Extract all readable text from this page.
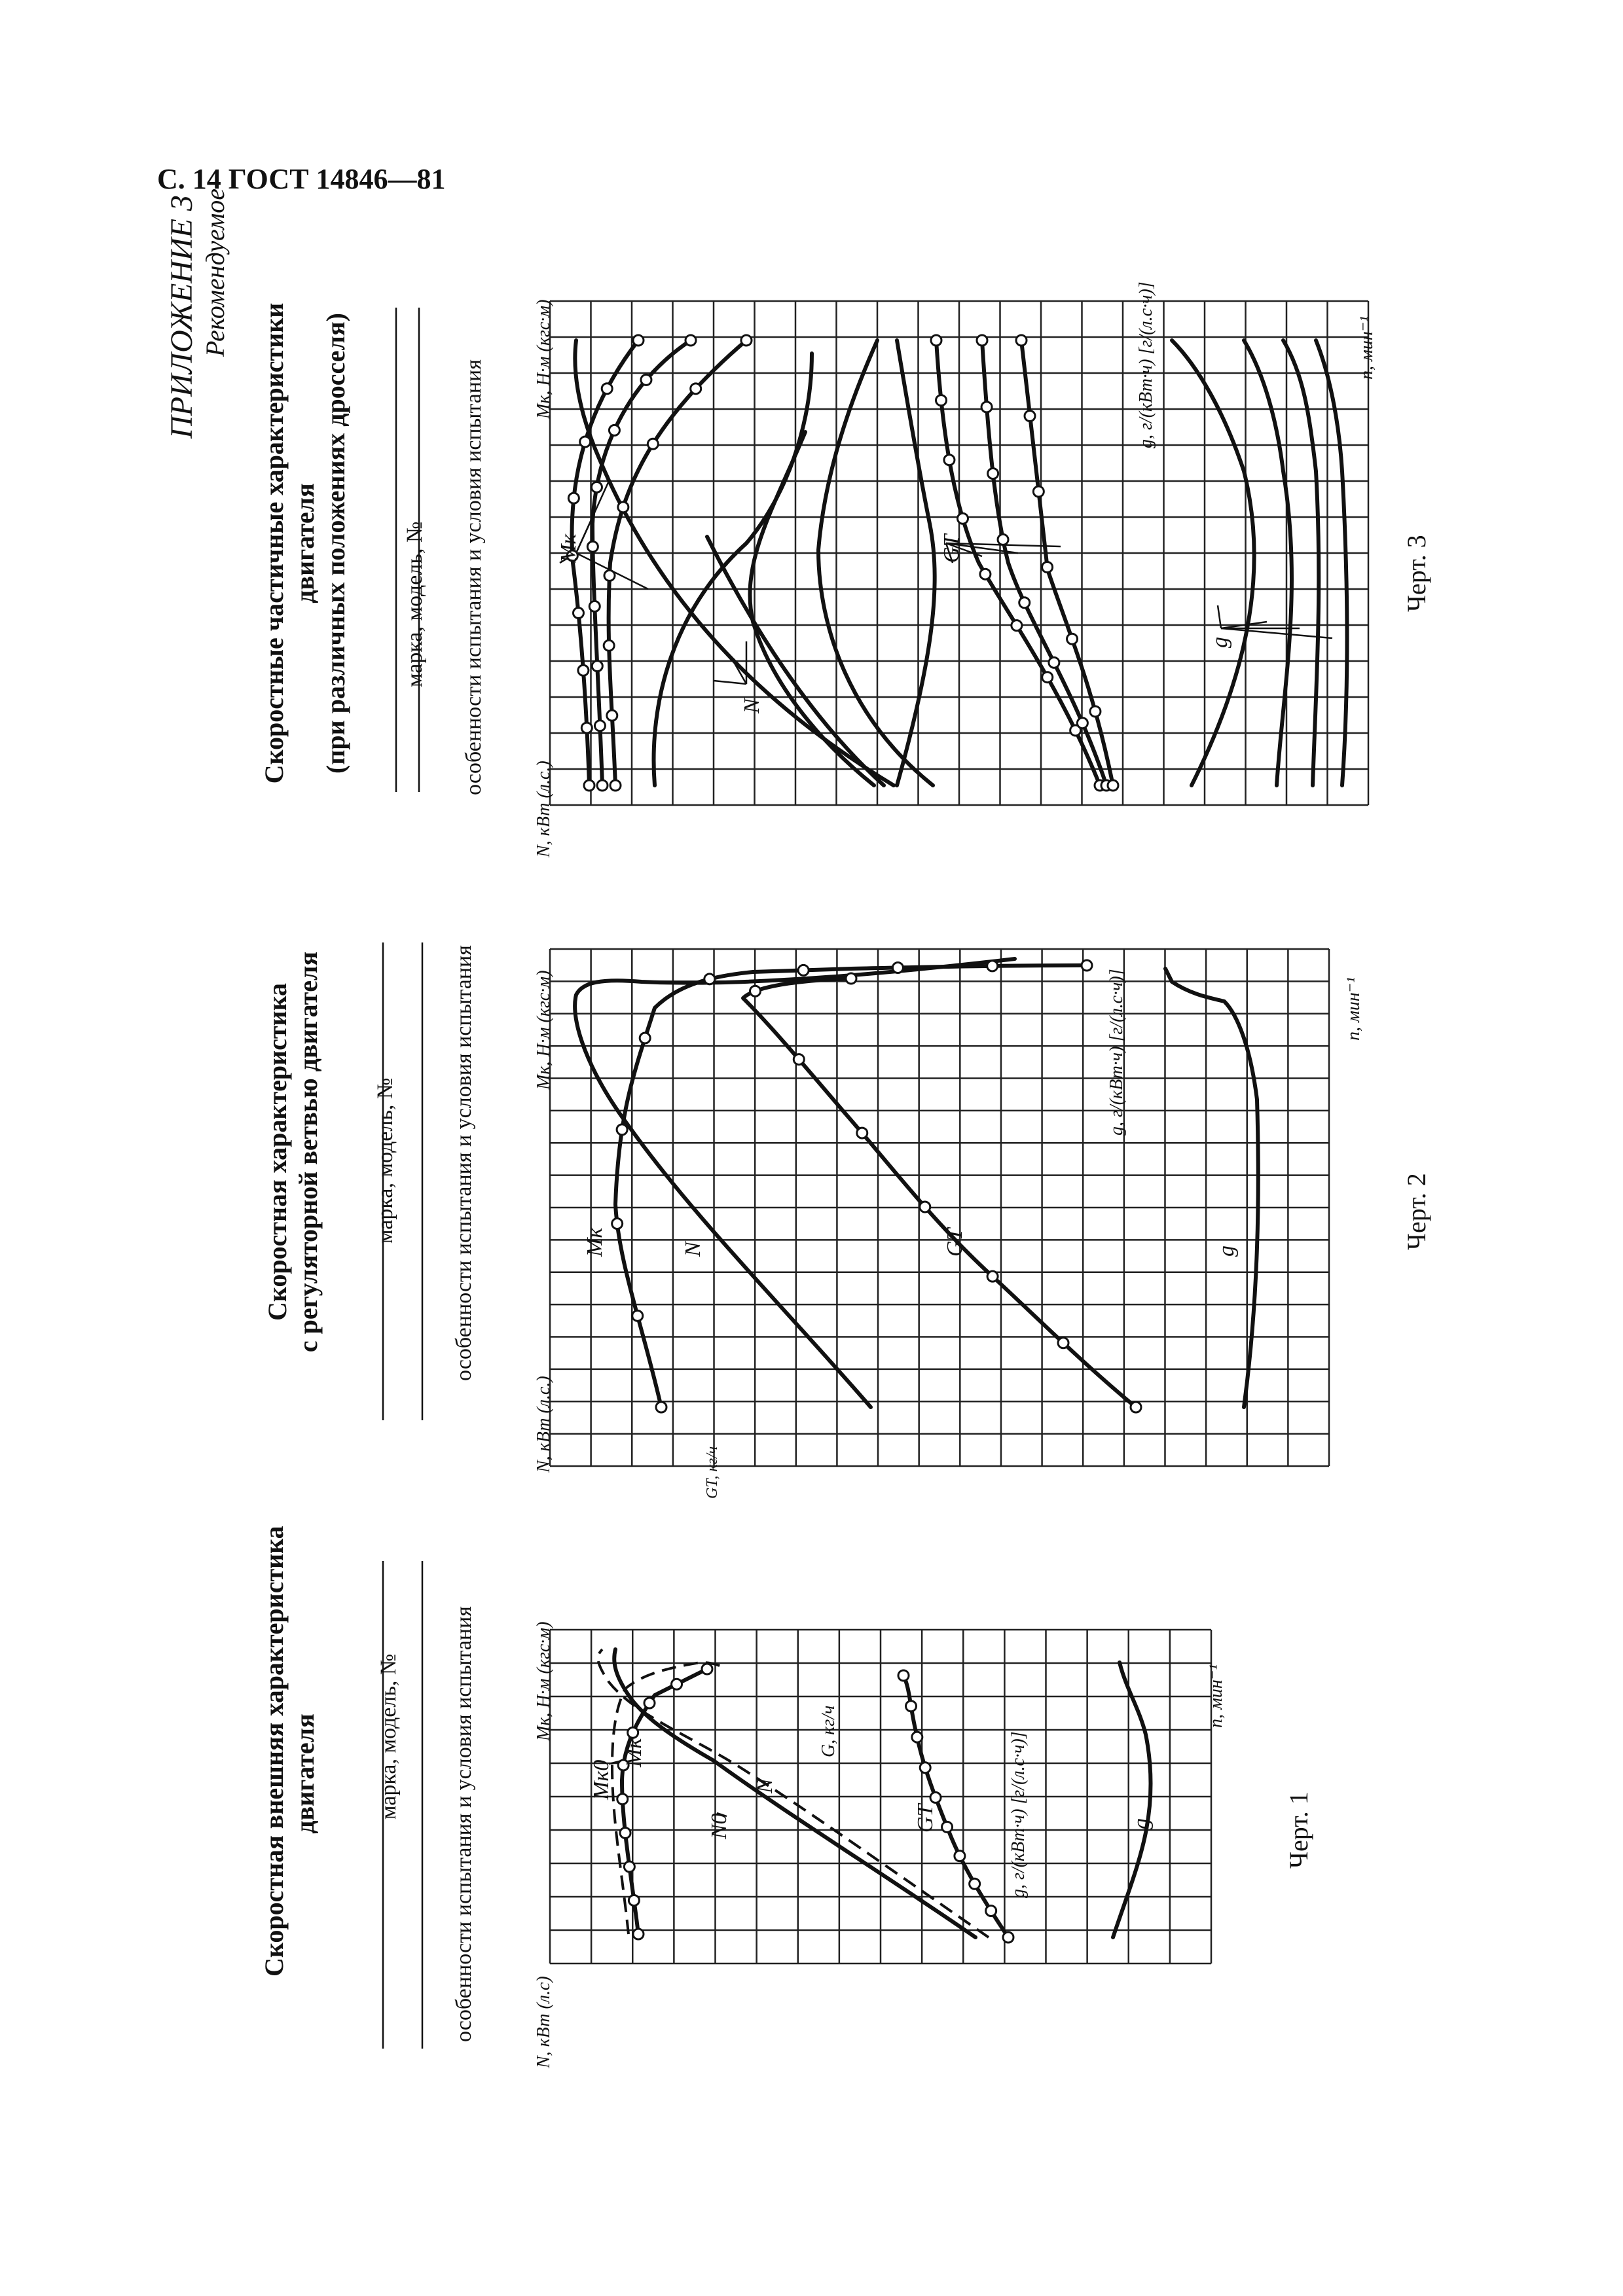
С. 14 ГОСТ 14846—81
ПРИЛОЖЕНИЕ 3 Рекомендуемое
Скоростные частичные характеристики двигателя (при различных положениях дросселя) марка, модель, № особенности испытания и условия испытания
Скоростная характеристика с регуляторной ветвью двигателя марка, модель, № особенности испытания и условия испытания
Скоростная внешняя характеристика двигателя	марка, модель, № особенности испытания и условия испытания
N, кВт (л.с.)
Mк, Н·м (кгс·м)	g, г/(кВт·ч) [г/(л.с·ч)]	n, мин⁻¹
Mк
N
GТ
g
Черт. 3
N, кВт (л.с.)	GТ, кг/ч
Mк, Н·м (кгс·м)	g, г/(кВт·ч) [г/(л.с·ч)]	n, мин⁻¹
Mк	N	GТ	g
Черт. 2
N, кВт (л.с)
Mк, Н·м (кгс·м)	G, кг/ч
g, г/(кВт·ч) [г/(л.с·ч)]
n, мин⁻¹
Mк0
Mк
N0
N
GТ	g	Черт. 1
